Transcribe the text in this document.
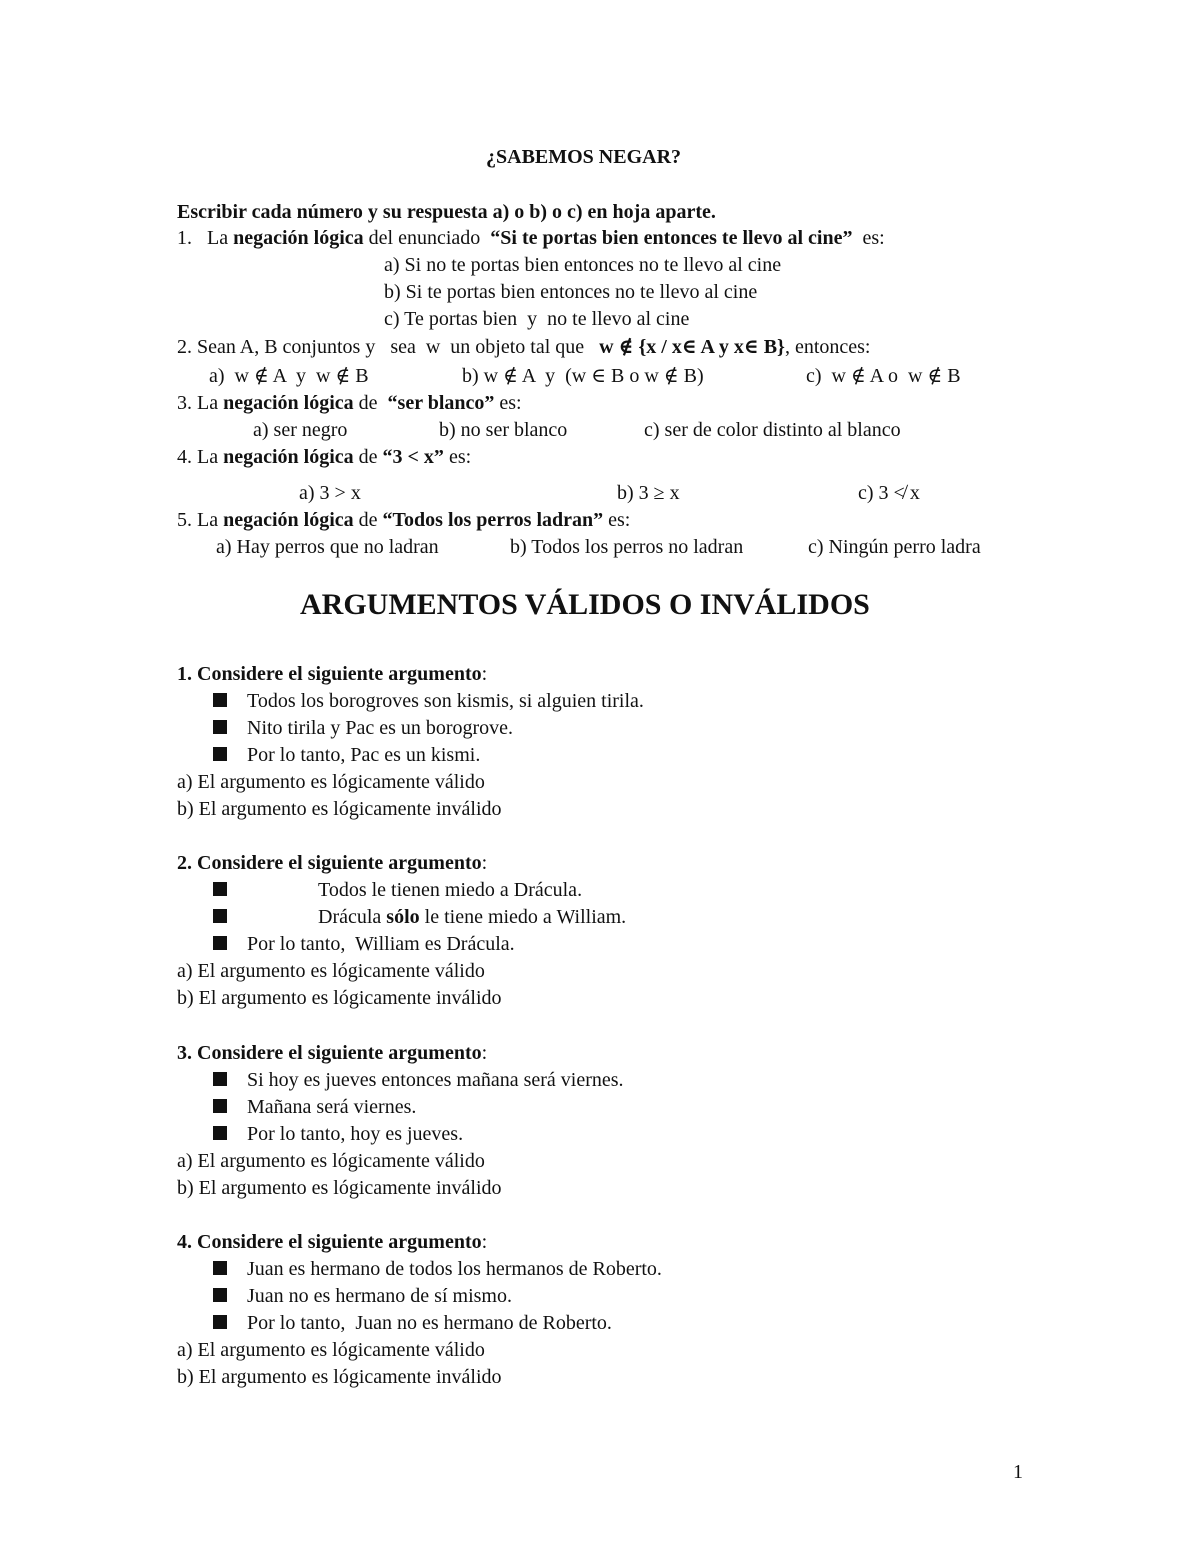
¿SABEMOS NEGAR?
Escribir cada número y su respuesta a) o b) o c) en hoja aparte.
1. La negación lógica del enunciado “Si te portas bien entonces te llevo al cine” es:
a) Si no te portas bien entonces no te llevo al cine
b) Si te portas bien entonces no te llevo al cine
c) Te portas bien  y  no te llevo al cine
2. Sean A, B conjuntos y   sea  w  un objeto tal que w ∉ {x / x∈ A y x∈ B}, entonces:
a)  w ∉ A  y  w ∉ B	b) w ∉ A  y  (w ∈ B o w ∉ B)	c)  w ∉ A o  w ∉ B
3. La negación lógica de “ser blanco” es:
a) ser negro	b) no ser blanco	c) ser de color distinto al blanco
4. La negación lógica de “3 < x” es:
a) 3 > x	b) 3 ≥ x	c) 3 ≮ x
5. La negación lógica de “Todos los perros ladran” es:
a) Hay perros que no ladran	b) Todos los perros no ladran	c) Ningún perro ladra
ARGUMENTOS VÁLIDOS O INVÁLIDOS
1. Considere el siguiente argumento:
Todos los borogroves son kismis, si alguien tirila.
Nito tirila y Pac es un borogrove.
Por lo tanto, Pac es un kismi.
a) El argumento es lógicamente válido
b) El argumento es lógicamente inválido
2. Considere el siguiente argumento:
Todos le tienen miedo a Drácula.
Drácula sólo le tiene miedo a William.
Por lo tanto,  William es Drácula.
a) El argumento es lógicamente válido
b) El argumento es lógicamente inválido
3. Considere el siguiente argumento:
Si hoy es jueves entonces mañana será viernes.
Mañana será viernes.
Por lo tanto, hoy es jueves.
a) El argumento es lógicamente válido
b) El argumento es lógicamente inválido
4. Considere el siguiente argumento:
Juan es hermano de todos los hermanos de Roberto.
Juan no es hermano de sí mismo.
Por lo tanto,  Juan no es hermano de Roberto.
a) El argumento es lógicamente válido
b) El argumento es lógicamente inválido
1
